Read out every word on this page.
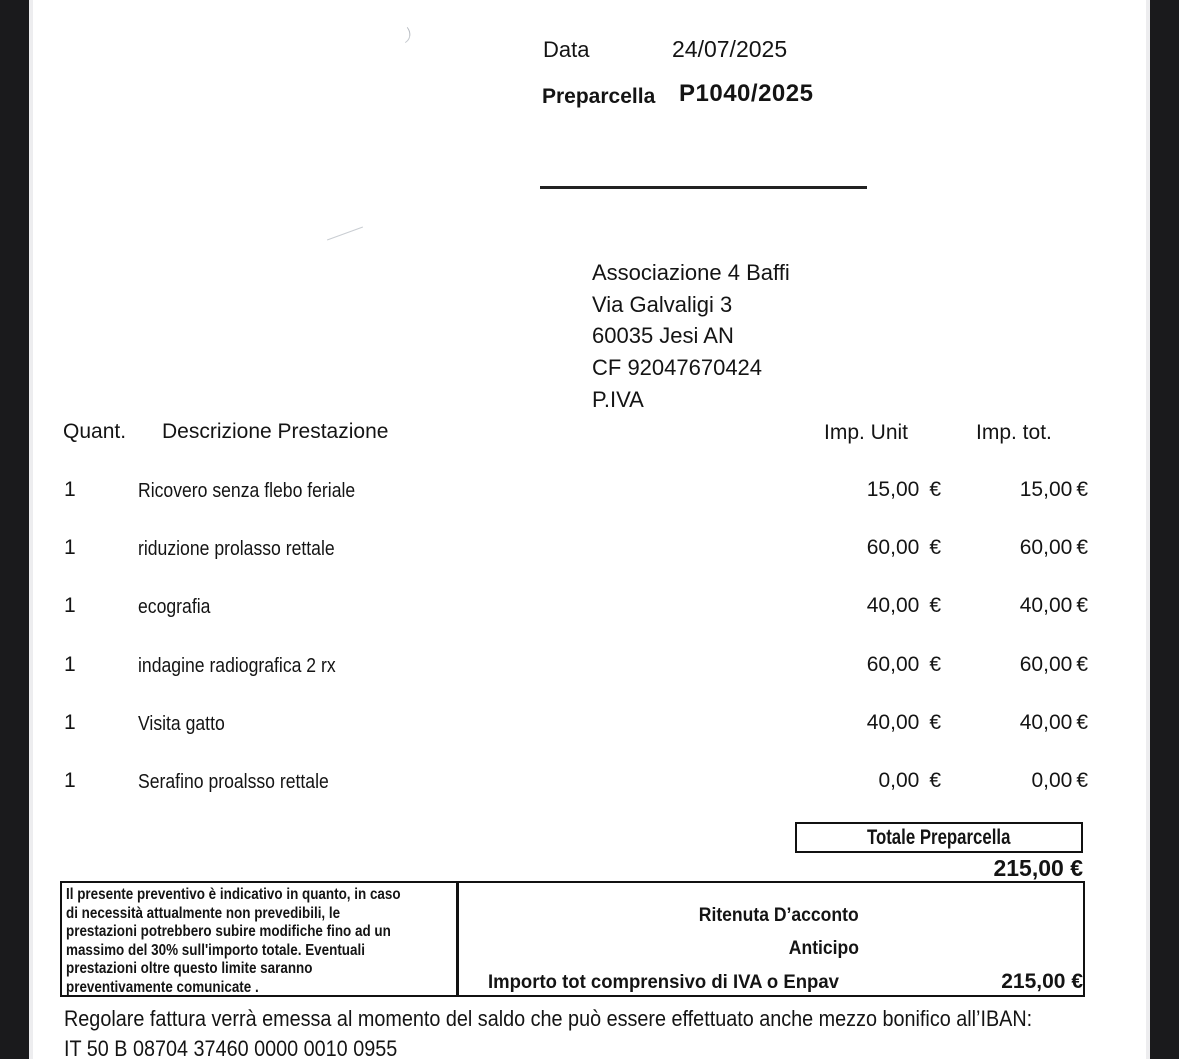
Data	24/07/2025
Preparcella P1040/2025
Associazione 4 Baffi
Via Galvaligi 3
60035 Jesi AN
CF 92047670424
P.IVA
Quant. Descrizione Prestazione	Imp. Unit	Imp. tot.
1	Ricovero senza flebo feriale	15,00 €	15,00 €
1	riduzione prolasso rettale	60,00 €	60,00 €
1	ecografia	40,00 €	40,00 €
1	indagine radiografica 2 rx	60,00 €	60,00 €
1	Visita gatto	40,00 €	40,00 €
1	Serafino proalsso rettale	0,00 €	0,00 €
Totale Preparcella
215,00 €
Il presente preventivo è indicativo in quanto, in caso
di necessità attualmente non prevedibili, le
prestazioni potrebbero subire modifiche fino ad un
massimo del 30% sull'importo totale. Eventuali
prestazioni oltre questo limite saranno
preventivamente comunicate .
Ritenuta D’acconto
Anticipo
Importo tot comprensivo di IVA o Enpav	215,00 €
Regolare fattura verrà emessa al momento del saldo che può essere effettuato anche mezzo bonifico all’IBAN:
IT 50 B 08704 37460 0000 0010 0955
